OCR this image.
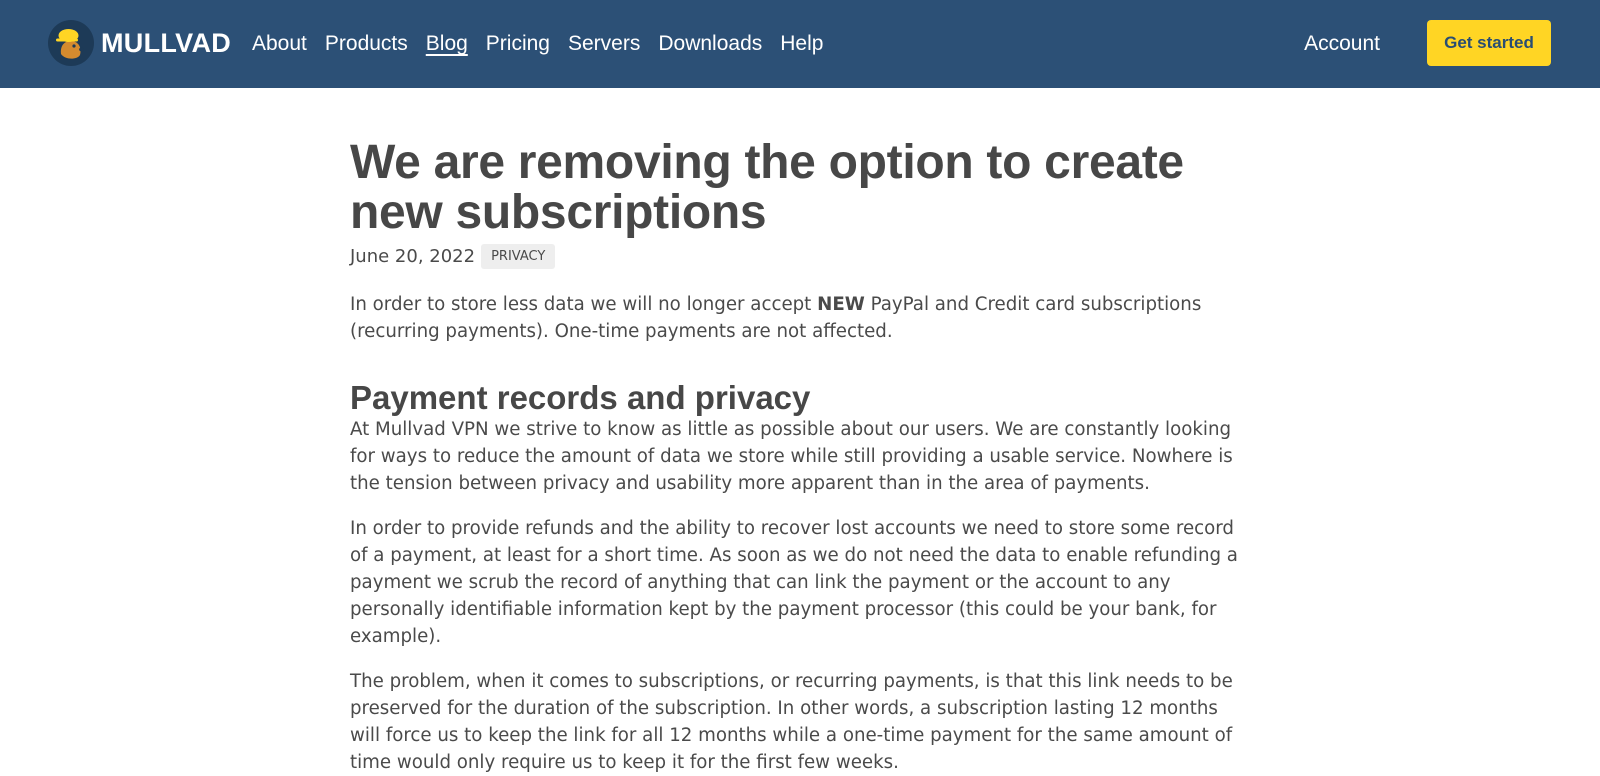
MULLVAD About Products Blog Pricing Servers Downloads Help	Account	Get started
We are removing the option to create new subscriptions
June 20, 2022	PRIVACY

In order to store less data we will no longer accept NEW PayPal and Credit card subscriptions (recurring payments). One-time payments are not affected.

Payment records and privacy

At Mullvad VPN we strive to know as little as possible about our users. We are constantly looking for ways to reduce the amount of data we store while still providing a usable service. Nowhere is the tension between privacy and usability more apparent than in the area of payments.

In order to provide refunds and the ability to recover lost accounts we need to store some record of a payment, at least for a short time. As soon as we do not need the data to enable refunding a payment we scrub the record of anything that can link the payment or the account to any personally identifiable information kept by the payment processor (this could be your bank, for example).

The problem, when it comes to subscriptions, or recurring payments, is that this link needs to be preserved for the duration of the subscription. In other words, a subscription lasting 12 months will force us to keep the link for all 12 months while a one-time payment for the same amount of time would only require us to keep it for the first few weeks.
